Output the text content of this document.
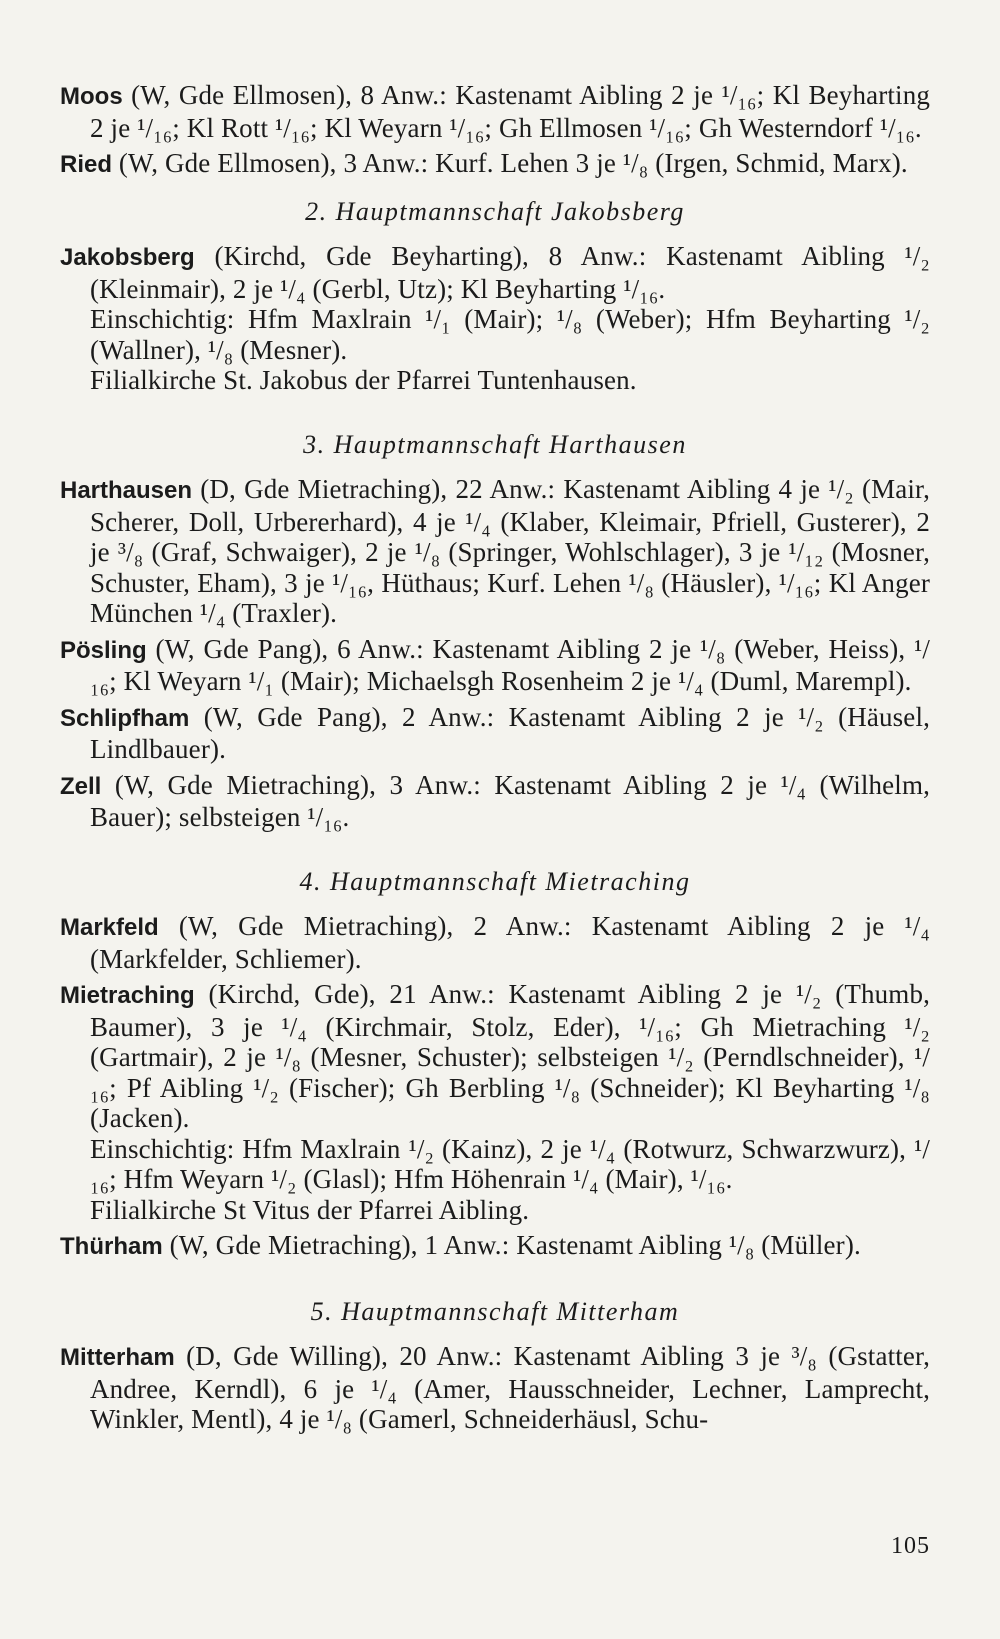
Moos (W, Gde Ellmosen), 8 Anw.: Kastenamt Aibling 2 je ¹/₁₆; Kl Beyharting 2 je ¹/₁₆; Kl Rott ¹/₁₆; Kl Weyarn ¹/₁₆; Gh Ellmosen ¹/₁₆; Gh Westerndorf ¹/₁₆.

Ried (W, Gde Ellmosen), 3 Anw.: Kurf. Lehen 3 je ¹/₈ (Irgen, Schmid, Marx).

2. Hauptmannschaft Jakobsberg

Jakobsberg (Kirchd, Gde Beyharting), 8 Anw.: Kastenamt Aibling ¹/₂ (Kleinmair), 2 je ¹/₄ (Gerbl, Utz); Kl Beyharting ¹/₁₆.
Einschichtig: Hfm Maxlrain ¹/₁ (Mair); ¹/₈ (Weber); Hfm Beyharting ¹/₂ (Wallner), ¹/₈ (Mesner).
Filialkirche St. Jakobus der Pfarrei Tuntenhausen.

3. Hauptmannschaft Harthausen

Harthausen (D, Gde Mietraching), 22 Anw.: Kastenamt Aibling 4 je ¹/₂ (Mair, Scherer, Doll, Urbererhard), 4 je ¹/₄ (Klaber, Kleimair, Pfriell, Gusterer), 2 je ³/₈ (Graf, Schwaiger), 2 je ¹/₈ (Springer, Wohlschlager), 3 je ¹/₁₂ (Mosner, Schuster, Eham), 3 je ¹/₁₆, Hüthaus; Kurf. Lehen ¹/₈ (Häusler), ¹/₁₆; Kl Anger München ¹/₄ (Traxler).

Pösling (W, Gde Pang), 6 Anw.: Kastenamt Aibling 2 je ¹/₈ (Weber, Heiss), ¹/₁₆; Kl Weyarn ¹/₁ (Mair); Michaelsgh Rosenheim 2 je ¹/₄ (Duml, Marempl).

Schlipfham (W, Gde Pang), 2 Anw.: Kastenamt Aibling 2 je ¹/₂ (Häusel, Lindlbauer).

Zell (W, Gde Mietraching), 3 Anw.: Kastenamt Aibling 2 je ¹/₄ (Wilhelm, Bauer); selbsteigen ¹/₁₆.

4. Hauptmannschaft Mietraching

Markfeld (W, Gde Mietraching), 2 Anw.: Kastenamt Aibling 2 je ¹/₄ (Markfelder, Schliemer).

Mietraching (Kirchd, Gde), 21 Anw.: Kastenamt Aibling 2 je ¹/₂ (Thumb, Baumer), 3 je ¹/₄ (Kirchmair, Stolz, Eder), ¹/₁₆; Gh Mietraching ¹/₂ (Gartmair), 2 je ¹/₈ (Mesner, Schuster); selbsteigen ¹/₂ (Perndlschneider), ¹/₁₆; Pf Aibling ¹/₂ (Fischer); Gh Berbling ¹/₈ (Schneider); Kl Beyharting ¹/₈ (Jacken).
Einschichtig: Hfm Maxlrain ¹/₂ (Kainz), 2 je ¹/₄ (Rotwurz, Schwarzwurz), ¹/₁₆; Hfm Weyarn ¹/₂ (Glasl); Hfm Höhenrain ¹/₄ (Mair), ¹/₁₆.
Filialkirche St Vitus der Pfarrei Aibling.

Thürham (W, Gde Mietraching), 1 Anw.: Kastenamt Aibling ¹/₈ (Müller).

5. Hauptmannschaft Mitterham

Mitterham (D, Gde Willing), 20 Anw.: Kastenamt Aibling 3 je ³/₈ (Gstatter, Andree, Kerndl), 6 je ¹/₄ (Amer, Hausschneider, Lechner, Lamprecht, Winkler, Mentl), 4 je ¹/₈ (Gamerl, Schneiderhäusl, Schu-

105
